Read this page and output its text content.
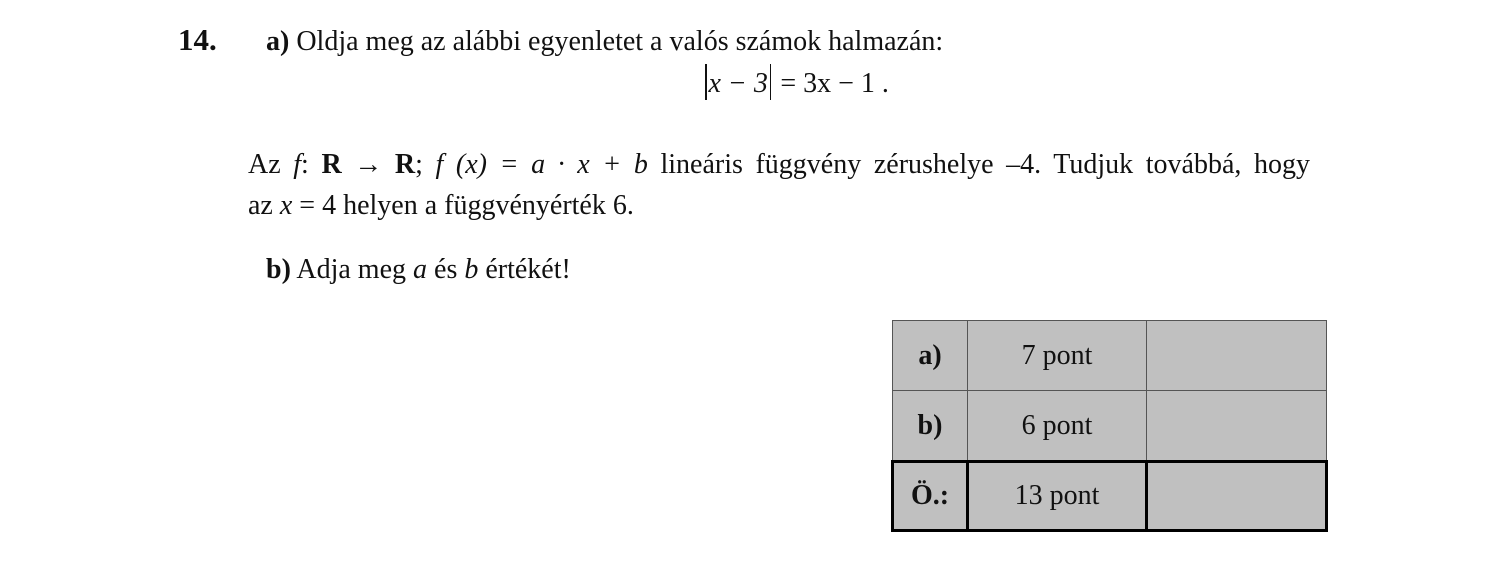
14. a) Oldja meg az alábbi egyenletet a valós számok halmazán:
x − 3 = 3x − 1 .
Az f: R → R; f (x) = a · x + b lineáris függvény zérushelye –4. Tudjuk továbbá, hogy
az x = 4 helyen a függvényérték 6.
b) Adja meg a és b értékét!
a)	7 pont	
b)	6 pont	
Ö.:	13 pont	
